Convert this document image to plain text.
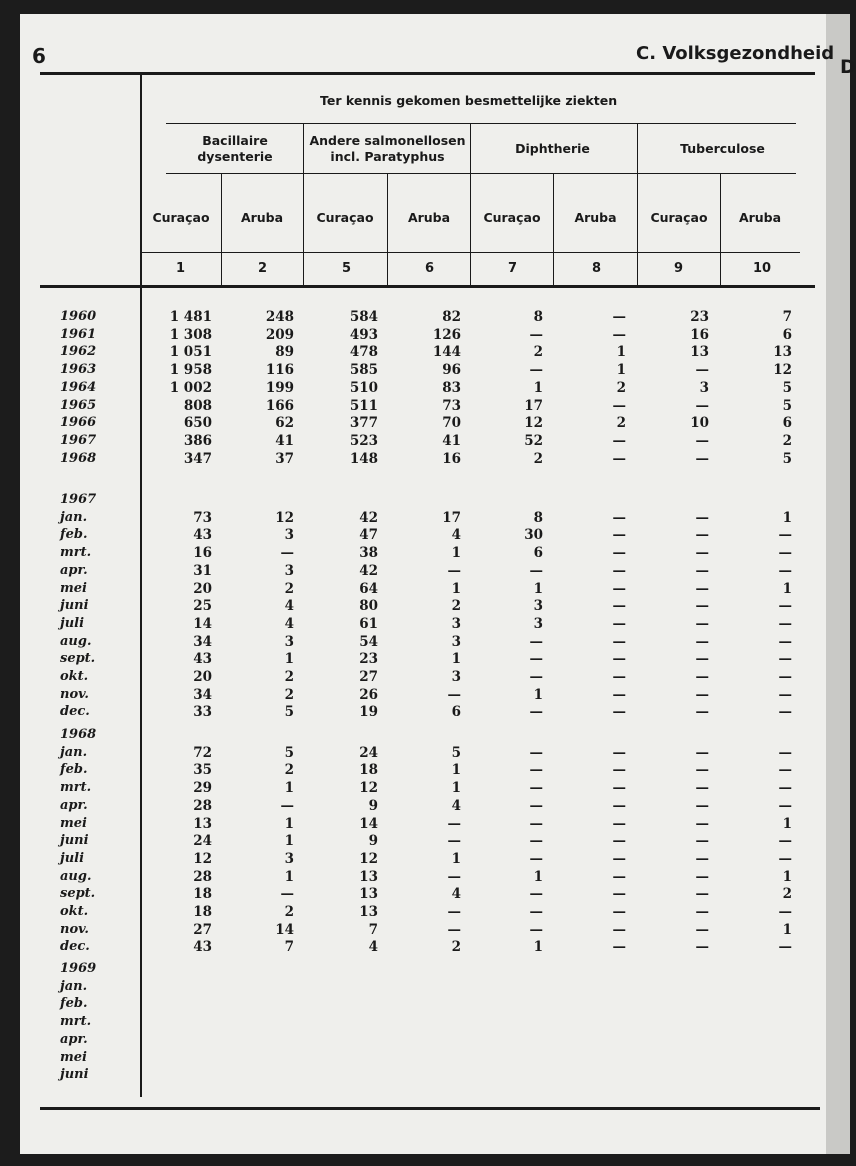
D
6	C. Volksgezondheid
Ter kennis gekomen besmettelijke ziekten
Bacillaire
dysenterie
Andere salmonellosen
incl. Paratyphus
Diphtherie	Tuberculose
Curaçao	Aruba	Curaçao	Aruba	Curaçao	Aruba	Curaçao	Aruba
1	2	5	6	7	8	9	10
1960	1 481	248	584	82	8	—	23	7
1961	1 308	209	493	126	—	—	16	6
1962	1 051	89	478	144	2	1	13	13
1963	1 958	116	585	96	—	1	—	12
1964	1 002	199	510	83	1	2	3	5
1965	808	166	511	73	17	—	—	5
1966	650	62	377	70	12	2	10	6
1967	386	41	523	41	52	—	—	2
1968	347	37	148	16	2	—	—	5
1967
jan.	73	12	42	17	8	—	—	1
feb.	43	3	47	4	30	—	—	—
mrt.	16	—	38	1	6	—	—	—
apr.	31	3	42	—	—	—	—	—
mei	20	2	64	1	1	—	—	1
juni	25	4	80	2	3	—	—	—
juli	14	4	61	3	3	—	—	—
aug.	34	3	54	3	—	—	—	—
sept.	43	1	23	1	—	—	—	—
okt.	20	2	27	3	—	—	—	—
nov.	34	2	26	—	1	—	—	—
dec.	33	5	19	6	—	—	—	—
1968
jan.	72	5	24	5	—	—	—	—
feb.	35	2	18	1	—	—	—	—
mrt.	29	1	12	1	—	—	—	—
apr.	28	—	9	4	—	—	—	—
mei	13	1	14	—	—	—	—	1
juni	24	1	9	—	—	—	—	—
juli	12	3	12	1	—	—	—	—
aug.	28	1	13	—	1	—	—	1
sept.	18	—	13	4	—	—	—	2
okt.	18	2	13	—	—	—	—	—
nov.	27	14	7	—	—	—	—	1
dec.	43	7	4	2	1	—	—	—
1969
jan.
feb.
mrt.
apr.
mei
juni
